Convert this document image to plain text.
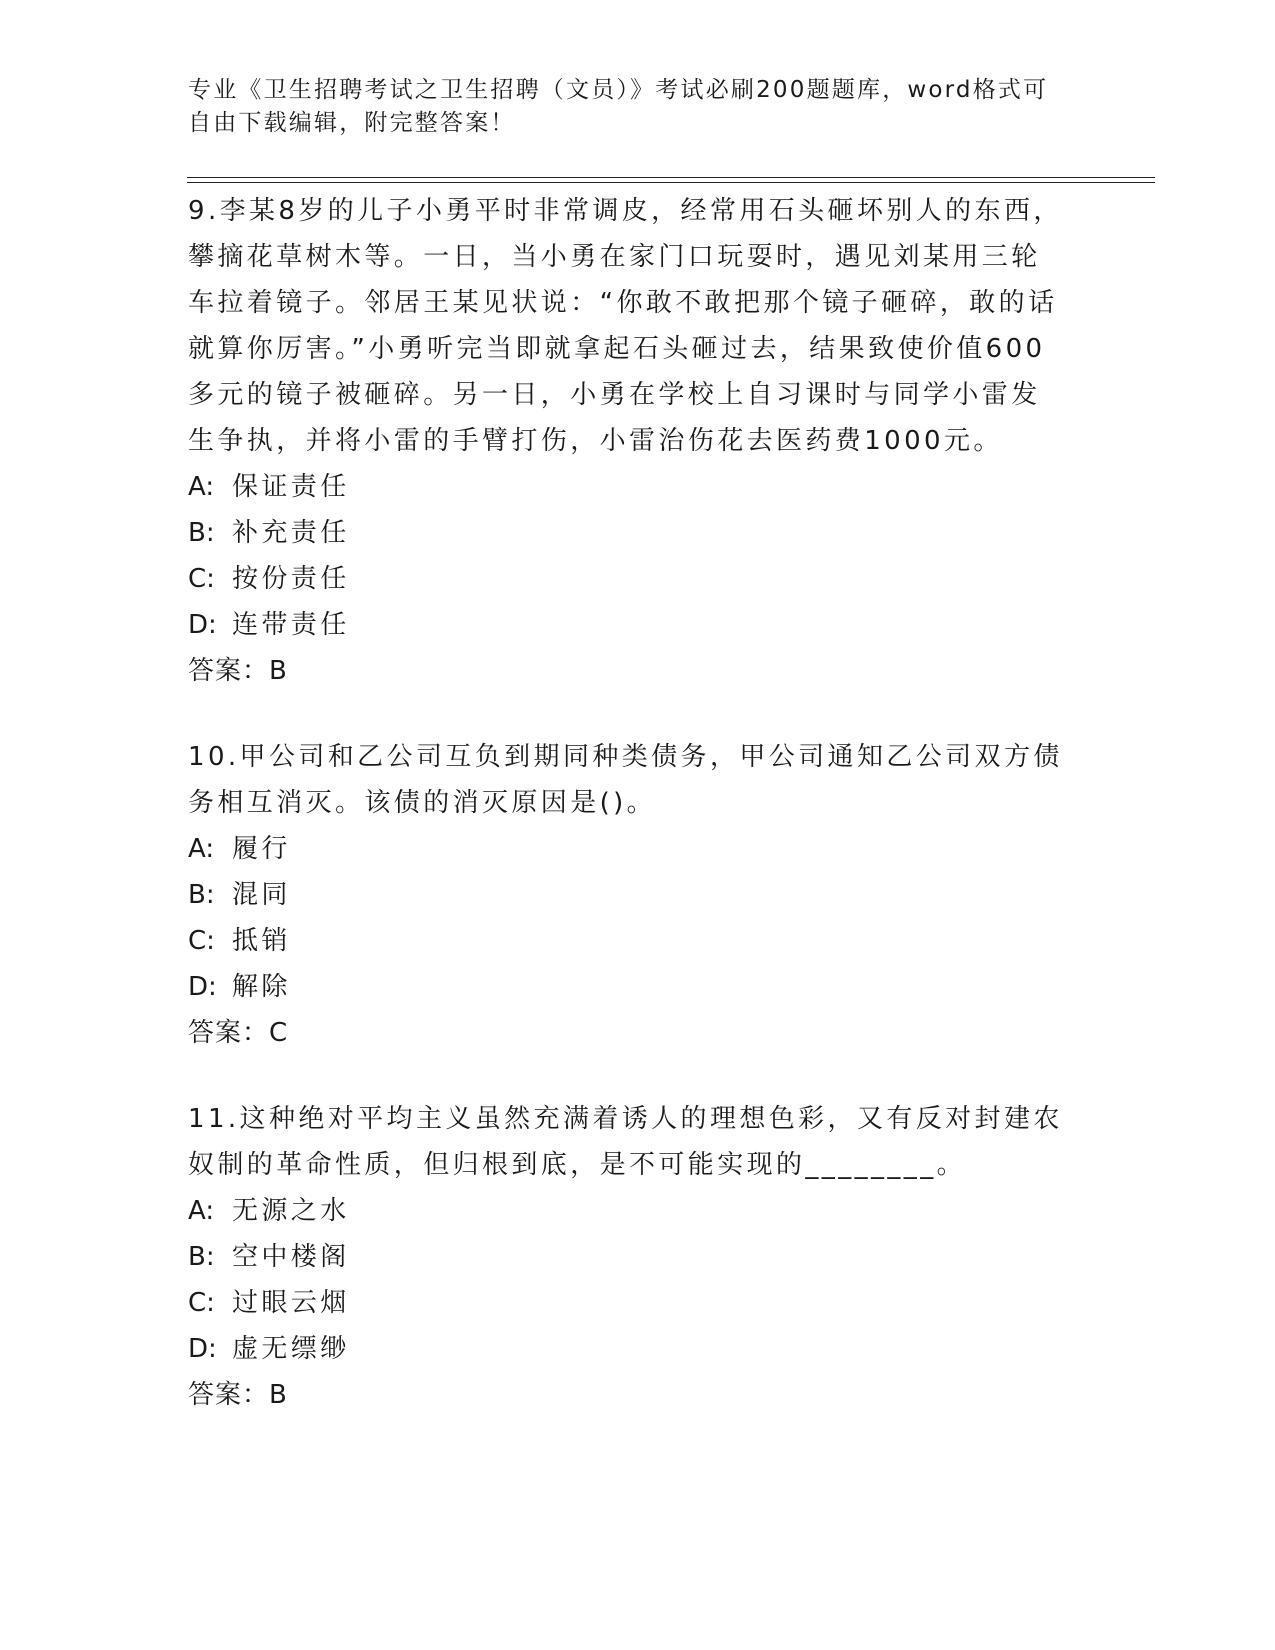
专业《卫生招聘考试之卫生招聘（文员）》考试必刷200题题库，word格式可自由下载编辑，附完整答案！
9.李某8岁的儿子小勇平时非常调皮，经常用石头砸坏别人的东西，攀摘花草树木等。一日，当小勇在家门口玩耍时，遇见刘某用三轮车拉着镜子。邻居王某见状说：“你敢不敢把那个镜子砸碎，敢的话就算你厉害。”小勇听完当即就拿起石头砸过去，结果致使价值600多元的镜子被砸碎。另一日，小勇在学校上自习课时与同学小雷发生争执，并将小雷的手臂打伤，小雷治伤花去医药费1000元。
A: 保证责任
B: 补充责任
C: 按份责任
D: 连带责任
答案：B
10.甲公司和乙公司互负到期同种类债务，甲公司通知乙公司双方债务相互消灭。该债的消灭原因是()。
A: 履行
B: 混同
C: 抵销
D: 解除
答案：C
11.这种绝对平均主义虽然充满着诱人的理想色彩，又有反对封建农奴制的革命性质，但归根到底，是不可能实现的________。
A: 无源之水
B: 空中楼阁
C: 过眼云烟
D: 虚无缥缈
答案：B
